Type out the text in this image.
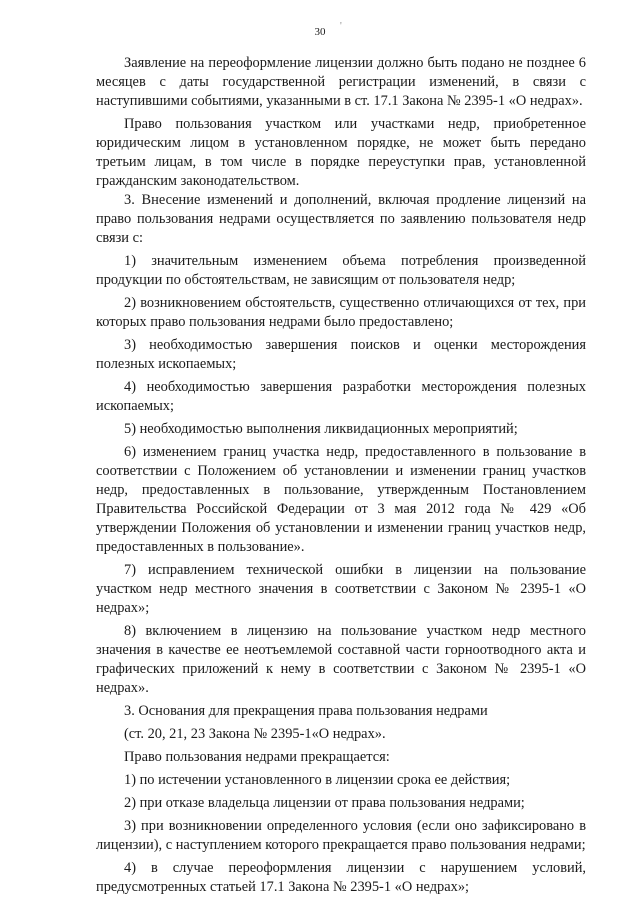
30	'

Заявление на переоформление лицензии должно быть подано не позднее 6 месяцев с даты государственной регистрации изменений, в связи с наступившими событиями, указанными в ст. 17.1 Закона № 2395-1 «О недрах».

Право пользования участком или участками недр, приобретенное юридическим лицом в установленном порядке, не может быть передано третьим лицам, в том числе в порядке переуступки прав, установленной гражданским законодательством.

3. Внесение изменений и дополнений, включая продление лицензий на право пользования недрами осуществляется по заявлению пользователя недр связи с:

1) значительным изменением объема потребления произведенной продукции по обстоятельствам, не зависящим от пользователя недр;

2) возникновением обстоятельств, существенно отличающихся от тех, при которых право пользования недрами было предоставлено;

3) необходимостью завершения поисков и оценки месторождения полезных ископаемых;

4) необходимостью завершения разработки месторождения полезных ископаемых;

5) необходимостью выполнения ликвидационных мероприятий;

6) изменением границ участка недр, предоставленного в пользование в соответствии с Положением об установлении и изменении границ участков недр, предоставленных в пользование, утвержденным Постановлением Правительства Российской Федерации от 3 мая 2012 года № 429 «Об утверждении Положения об установлении и изменении границ участков недр, предоставленных в пользование».

7) исправлением технической ошибки в лицензии на пользование участком недр местного значения в соответствии с Законом № 2395-1 «О недрах»;

8) включением в лицензию на пользование участком недр местного значения в качестве ее неотъемлемой составной части горноотводного акта и графических приложений к нему в соответствии с Законом № 2395-1 «О недрах».

3. Основания для прекращения права пользования недрами

(ст. 20, 21, 23 Закона № 2395-1«О недрах».

Право пользования недрами прекращается:

1) по истечении установленного в лицензии срока ее действия;

2) при отказе владельца лицензии от права пользования недрами;

3) при возникновении определенного условия (если оно зафиксировано в лицензии), с наступлением которого прекращается право пользования недрами;

4) в случае переоформления лицензии с нарушением условий, предусмотренных статьей 17.1 Закона № 2395-1 «О недрах»;
